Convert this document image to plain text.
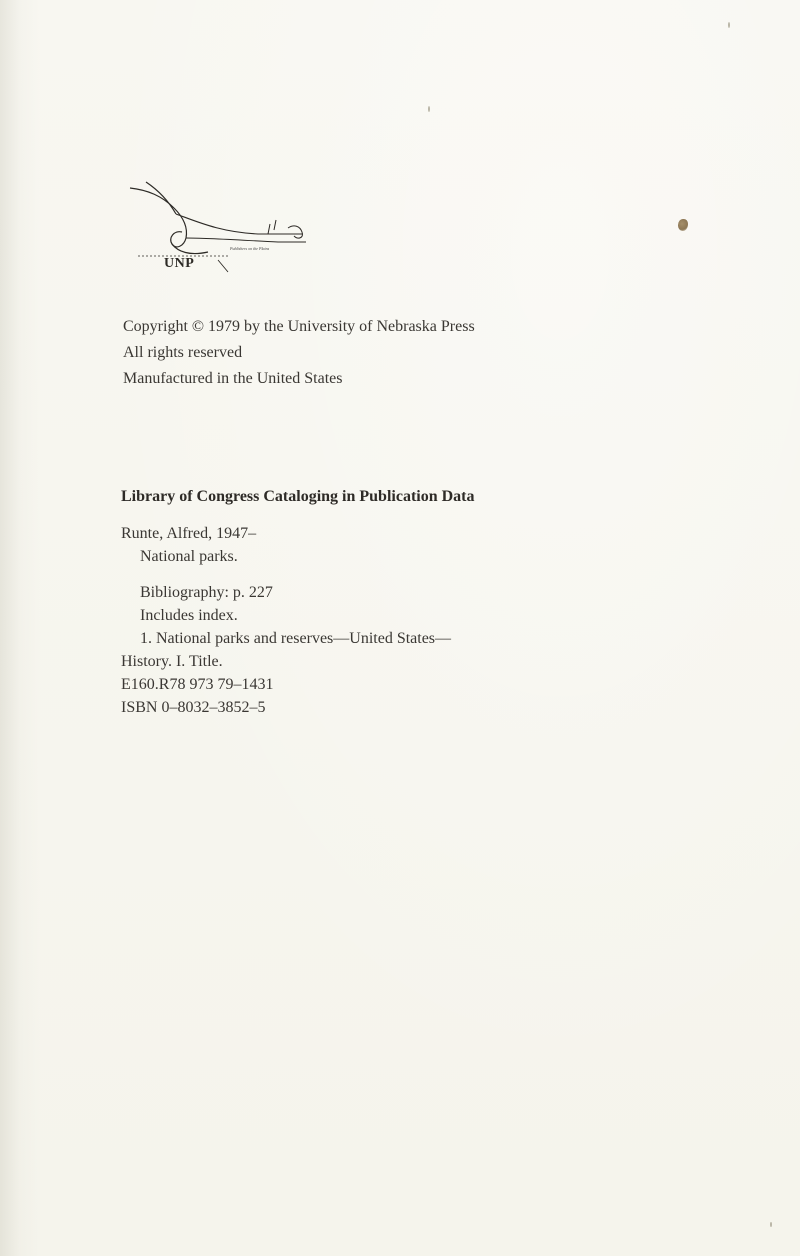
UNP
Publishers on the Plains
Copyright © 1979 by the University of Nebraska Press
All rights reserved
Manufactured in the United States
Library of Congress Cataloging in Publication Data
Runte, Alfred, 1947–
National parks.
Bibliography: p. 227
Includes index.
1. National parks and reserves—United States—
History. I. Title.
E160.R78 973 79–1431
ISBN 0–8032–3852–5
